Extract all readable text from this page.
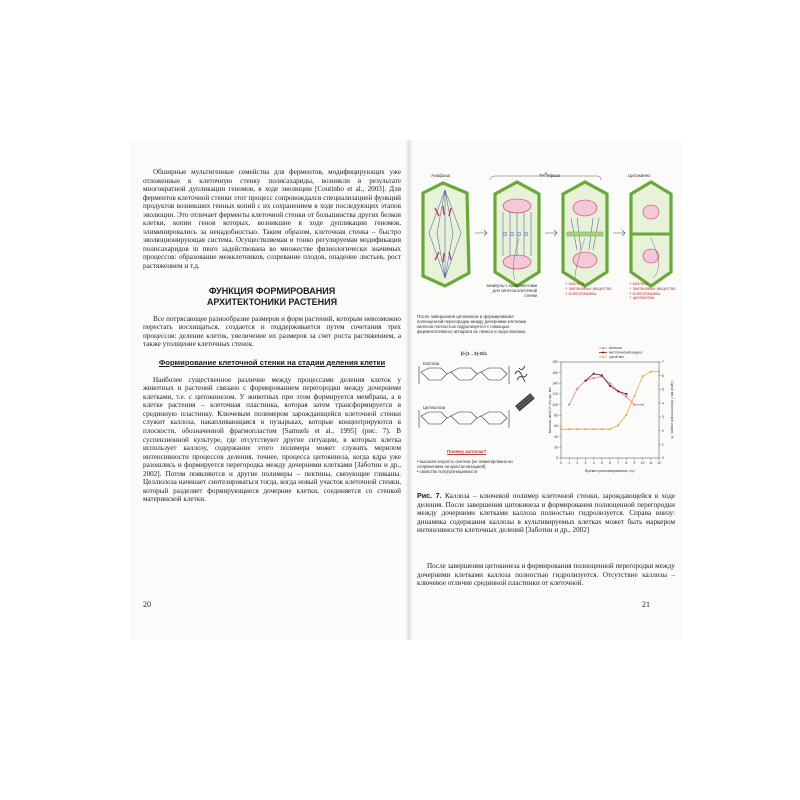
Обширные мультигенные семейства для ферментов, модифицирующих уже отложенные в клеточную стенку полисахариды, возникли в результате многократной дупликации геномов, в ходе эволюции [Coutinho et al., 2003]. Для ферментов клеточной стенки этот процесс сопровождался специализацией функций продуктов возникших генных копий с их сохранением в ходе последующих этапов эволюции. Это отличает ферменты клеточной стенки от большинства других белков клетки, копии генов которых, возникшие в ходе дупликации геномов, элиминировались за ненадобностью. Таким образом, клеточная стенка – быстро эволюционирующая система. Осуществляемая и тонко регулируемая модификация полисахаридов in muro задействована во множестве физиологически значимых процессов: образование межклетников, созревание плодов, опадение листьев, рост растяжением и т.д.

ФУНКЦИЯ ФОРМИРОВАНИЯ
АРХИТЕКТОНИКИ РАСТЕНИЯ

Все потрясающее разнообразие размеров и форм растений, которым невозможно перестать восхищаться, создается и поддерживается путем сочетания трех процессов: деление клеток, увеличение их размеров за счет роста растяжением, а также утолщение клеточных стенок.

Формирование клеточной стенки на стадии деления клетки

Наиболее существенное различие между процессами деления клеток у животных и растений связано с формированием перегородки между дочерними клетками, т.е. с цитокинезом. У животных при этом формируется мембрана, а в клетке растения – клеточная пластинка, которая затем трансформируется в срединную пластинку. Ключевым полимером зарождающейся клеточной стенки служит каллоза, накапливающаяся в пузырьках, которые концентрируются в плоскости, обозначенной фрагмопластом [Samuels et al., 1995] (рис. 7). В суспензионной культуре, где отсутствуют другие ситуации, в которых клетка использует каллозу, содержание этого полимера может служить мерилом интенсивности процессов деления, точнее, процесса цитокинеза, когда ядра уже разошлись и формируется перегородка между дочерними клетками [Заботин и др., 2002]. Потом появляются и другие полимеры – пектины, связующие гликаны. Целлюлоза начинает синтезироваться тогда, когда новый участок клеточной стенки, который разделяет формирующиеся дочерние клетки, соединяется со стенкой материнской клетки.

20
Анафаза	Телофаза	Цитокинез
везикулы с компонентами для синтеза клеточной стенки
+ каллоза
+ пектиновые вещества
+ ксилоглюканы
+ каллоза
+ пектиновые вещества
+ ксилоглюканы
+ целлюлоза
После завершения цитокинеза и формирования полноценной перегородки между дочерними клетками каллоза полностью гидролизуется с помощью ферментативного аппарата их лизиса и эндоглюканаз
β-(1→3)-Glc
Каллоза
Целлюлоза
Почему каллоза?
• высокая скорость синтеза (не лимитирована ни сопряжением ни кристаллизацией);
• свойство полупроницаемости
0
20
40
60
80
100
120
140
160
180
0
1
2
3
4
5
6
7
0 1 2 3 4 5 6 7 8 9 10 11 12
Время культивирования, сут
Каллоза, мкг/(10⁶ кл) сух. вес	Сухой вес / Митотический индекс, %
каллоза
митотический индекс
сухой вес
Рис. 7. Каллоза – ключевой полимер клеточной стенки, зарождающейся в ходе деления. После завершения цитокинеза и формирования полноценной перегородки между дочерними клетками каллоза полностью гидролизуется. Справа внизу: динамика содержания каллозы в культивируемых клетках может быть маркером интенсивности клеточных делений [Заботин и др., 2002]

После завершения цитокинеза и формирования полноценной перегородки между дочерними клетками каллоза полностью гидролизуется. Отсутствие каллозы – ключевое отличие срединной пластинки от клеточной.

21
